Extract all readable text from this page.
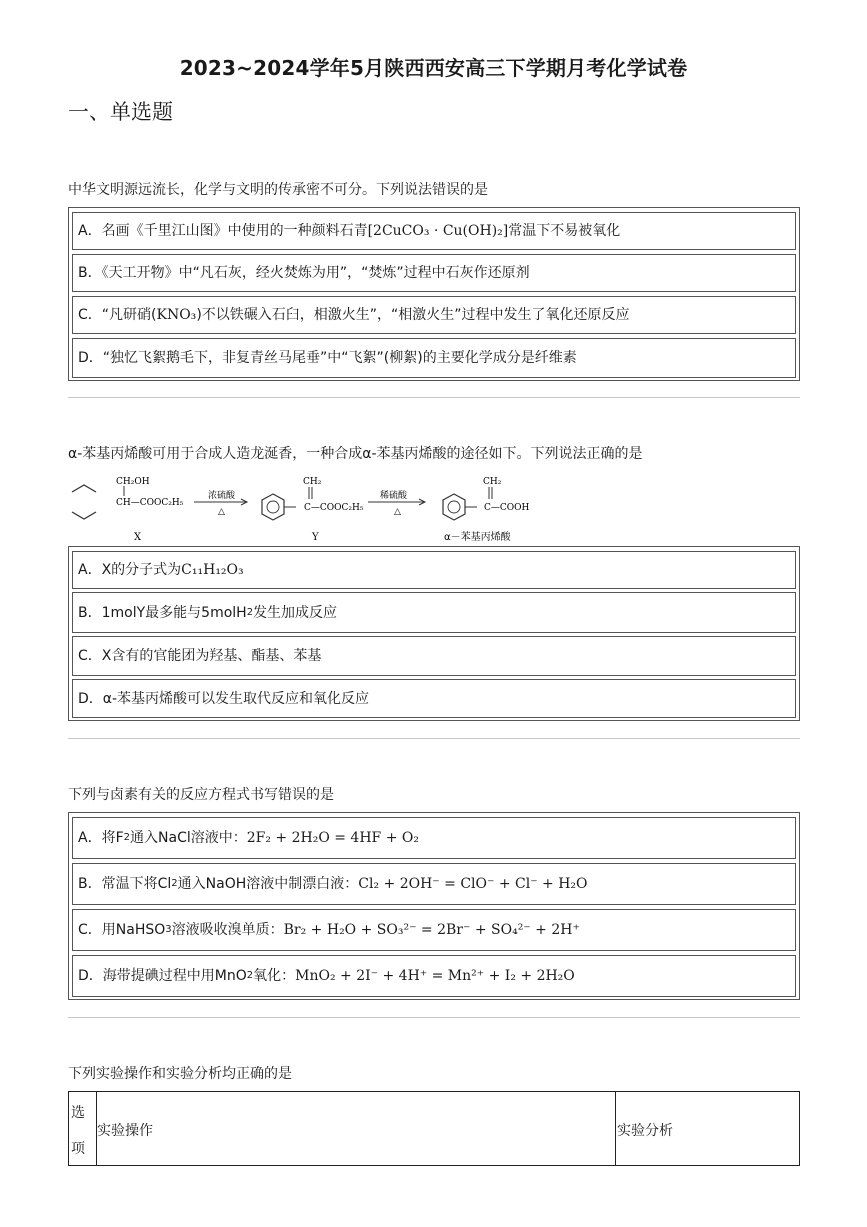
2023~2024学年5月陕西西安高三下学期月考化学试卷
一、单选题
中华文明源远流长，化学与文明的传承密不可分。下列说法错误的是
A．名画《千里江山图》中使用的一种颜料石青 [2CuCO₃ · Cu(OH)₂] 常温下不易被氧化
B．《天工开物》中“凡石灰，经火焚炼为用”，“焚炼”过程中石灰作还原剂
C．“凡研硝( KNO₃ )不以铁碾入石臼，相激火生”，“相激火生”过程中发生了氧化还原反应
D．“独忆飞絮鹅毛下，非复青丝马尾垂”中“飞絮”(柳絮)的主要化学成分是纤维素
α-苯基丙烯酸可用于合成人造龙涎香，一种合成α-苯基丙烯酸的途径如下。下列说法正确的是
CH₂OH
CH—COOC₂H₅
X
浓硫酸
△
CH₂
C—COOC₂H₅
Y
稀硫酸
△
CH₂
C—COOH
α－苯基丙烯酸
A．X的分子式为 C₁₁H₁₂O₃
B．1molY最多能与5molH 2 发生加成反应
C．X含有的官能团为羟基、酯基、苯基
D．α-苯基丙烯酸可以发生取代反应和氧化反应
下列与卤素有关的反应方程式书写错误的是
A．将F 2 通入NaCl溶液中： 2F₂ + 2H₂O = 4HF + O₂
B．常温下将Cl 2 通入NaOH溶液中制漂白液： Cl₂ + 2OH⁻ = ClO⁻ + Cl⁻ + H₂O
C．用NaHSO 3 溶液吸收溴单质： Br₂ + H₂O + SO₃²⁻ = 2Br⁻ + SO₄²⁻ + 2H⁺
D．海带提碘过程中用MnO 2 氧化： MnO₂ + 2I⁻ + 4H⁺ = Mn²⁺ + I₂ + 2H₂O
下列实验操作和实验分析均正确的是
选
项
实验操作	实验分析
